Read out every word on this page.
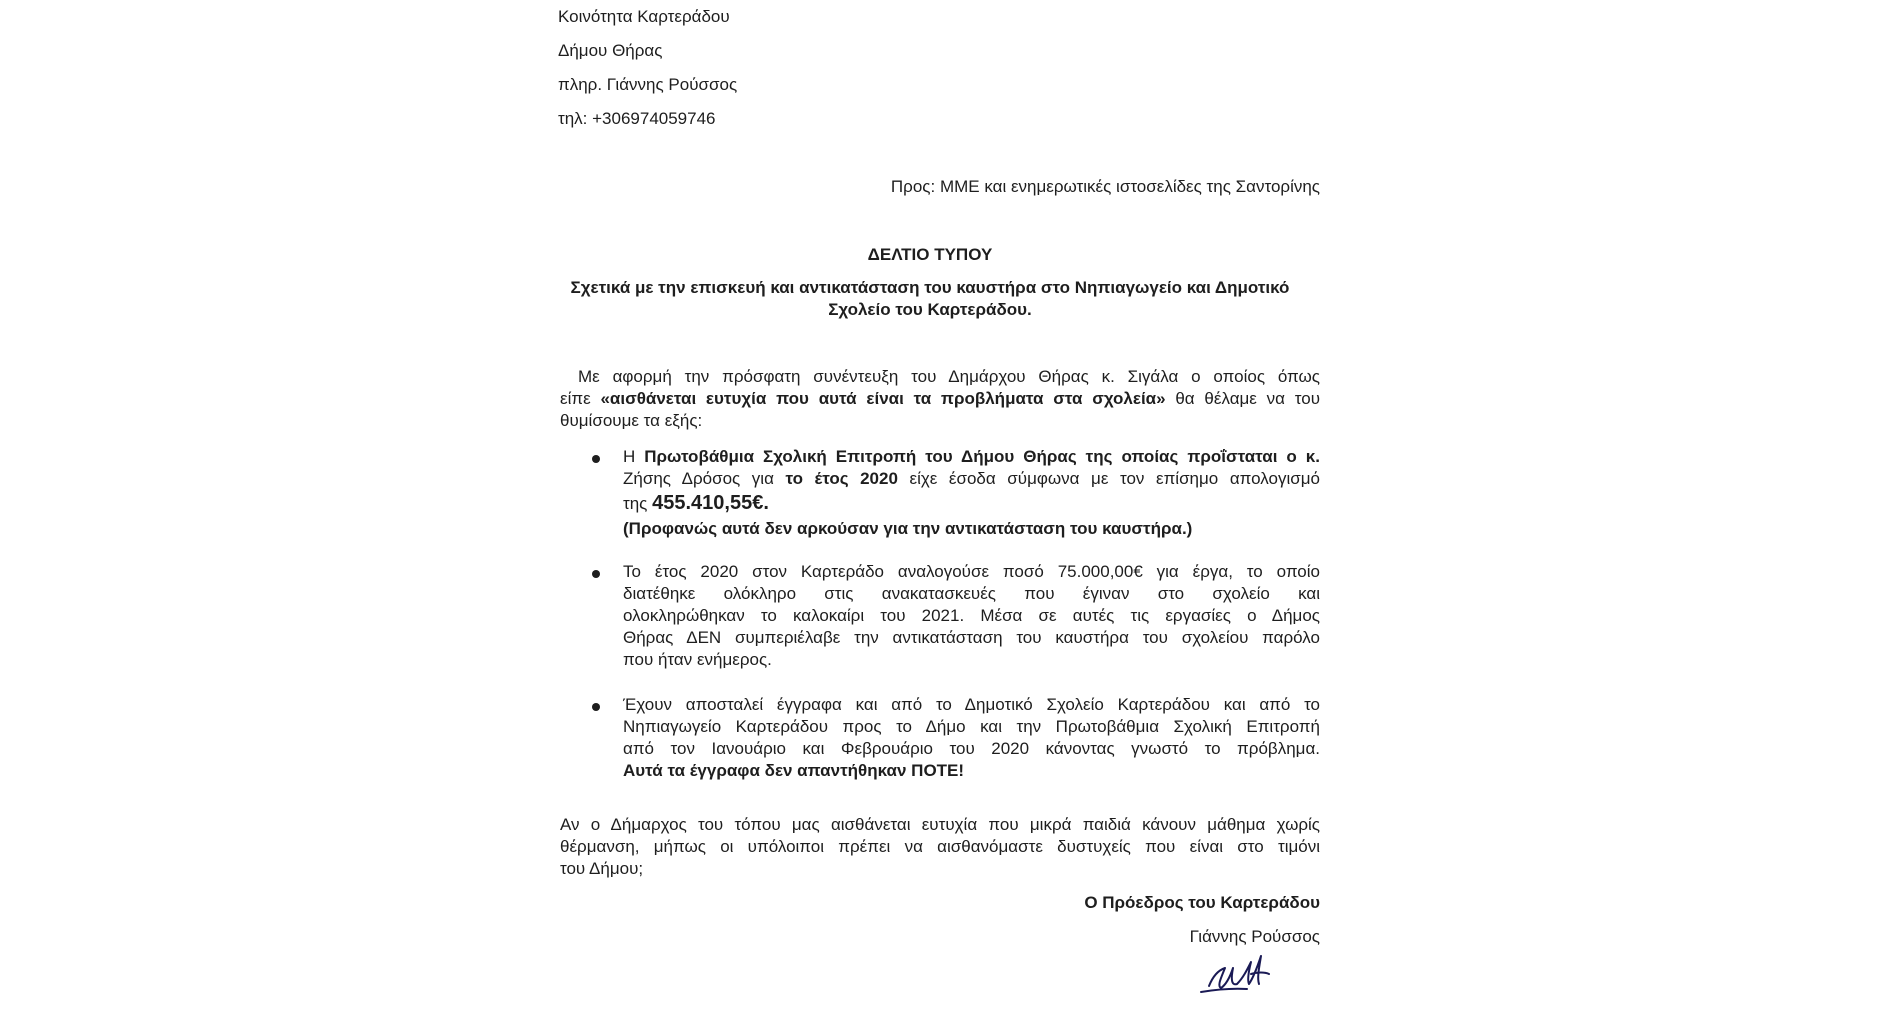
Κοινότητα Καρτεράδου
Δήμου Θήρας
πληρ. Γιάννης Ρούσσος
τηλ: +306974059746
Προς: ΜΜΕ και ενημερωτικές ιστοσελίδες της Σαντορίνης
ΔΕΛΤΙΟ ΤΥΠΟΥ
Σχετικά με την επισκευή και αντικατάσταση του καυστήρα στο Νηπιαγωγείο και Δημοτικό
Σχολείο του Καρτεράδου.
Με αφορμή την πρόσφατη συνέντευξη του Δημάρχου Θήρας κ. Σιγάλα ο οποίος όπως
είπε «αισθάνεται ευτυχία που αυτά είναι τα προβλήματα στα σχολεία» θα θέλαμε να του
θυμίσουμε τα εξής:
Η Πρωτοβάθμια Σχολική Επιτροπή του Δήμου Θήρας της οποίας προΐσταται ο κ.
Ζήσης Δρόσος για το έτος 2020 είχε έσοδα σύμφωνα με τον επίσημο απολογισμό
της 455.410,55€.
(Προφανώς αυτά δεν αρκούσαν για την αντικατάσταση του καυστήρα.)
Το έτος 2020 στον Καρτεράδο αναλογούσε ποσό 75.000,00€ για έργα, το οποίο
διατέθηκε ολόκληρο στις ανακατασκευές που έγιναν στο σχολείο και
ολοκληρώθηκαν το καλοκαίρι του 2021. Μέσα σε αυτές τις εργασίες ο Δήμος
Θήρας ΔΕΝ συμπεριέλαβε την αντικατάσταση του καυστήρα του σχολείου παρόλο
που ήταν ενήμερος.
Έχουν αποσταλεί έγγραφα και από το Δημοτικό Σχολείο Καρτεράδου και από το
Νηπιαγωγείο Καρτεράδου προς το Δήμο και την Πρωτοβάθμια Σχολική Επιτροπή
από τον Ιανουάριο και Φεβρουάριο του 2020 κάνοντας γνωστό το πρόβλημα.
Αυτά τα έγγραφα δεν απαντήθηκαν ΠΟΤΕ!
Αν ο Δήμαρχος του τόπου μας αισθάνεται ευτυχία που μικρά παιδιά κάνουν μάθημα χωρίς
θέρμανση, μήπως οι υπόλοιποι πρέπει να αισθανόμαστε δυστυχείς που είναι στο τιμόνι
του Δήμου;
Ο Πρόεδρος του Καρτεράδου
Γιάννης Ρούσσος
